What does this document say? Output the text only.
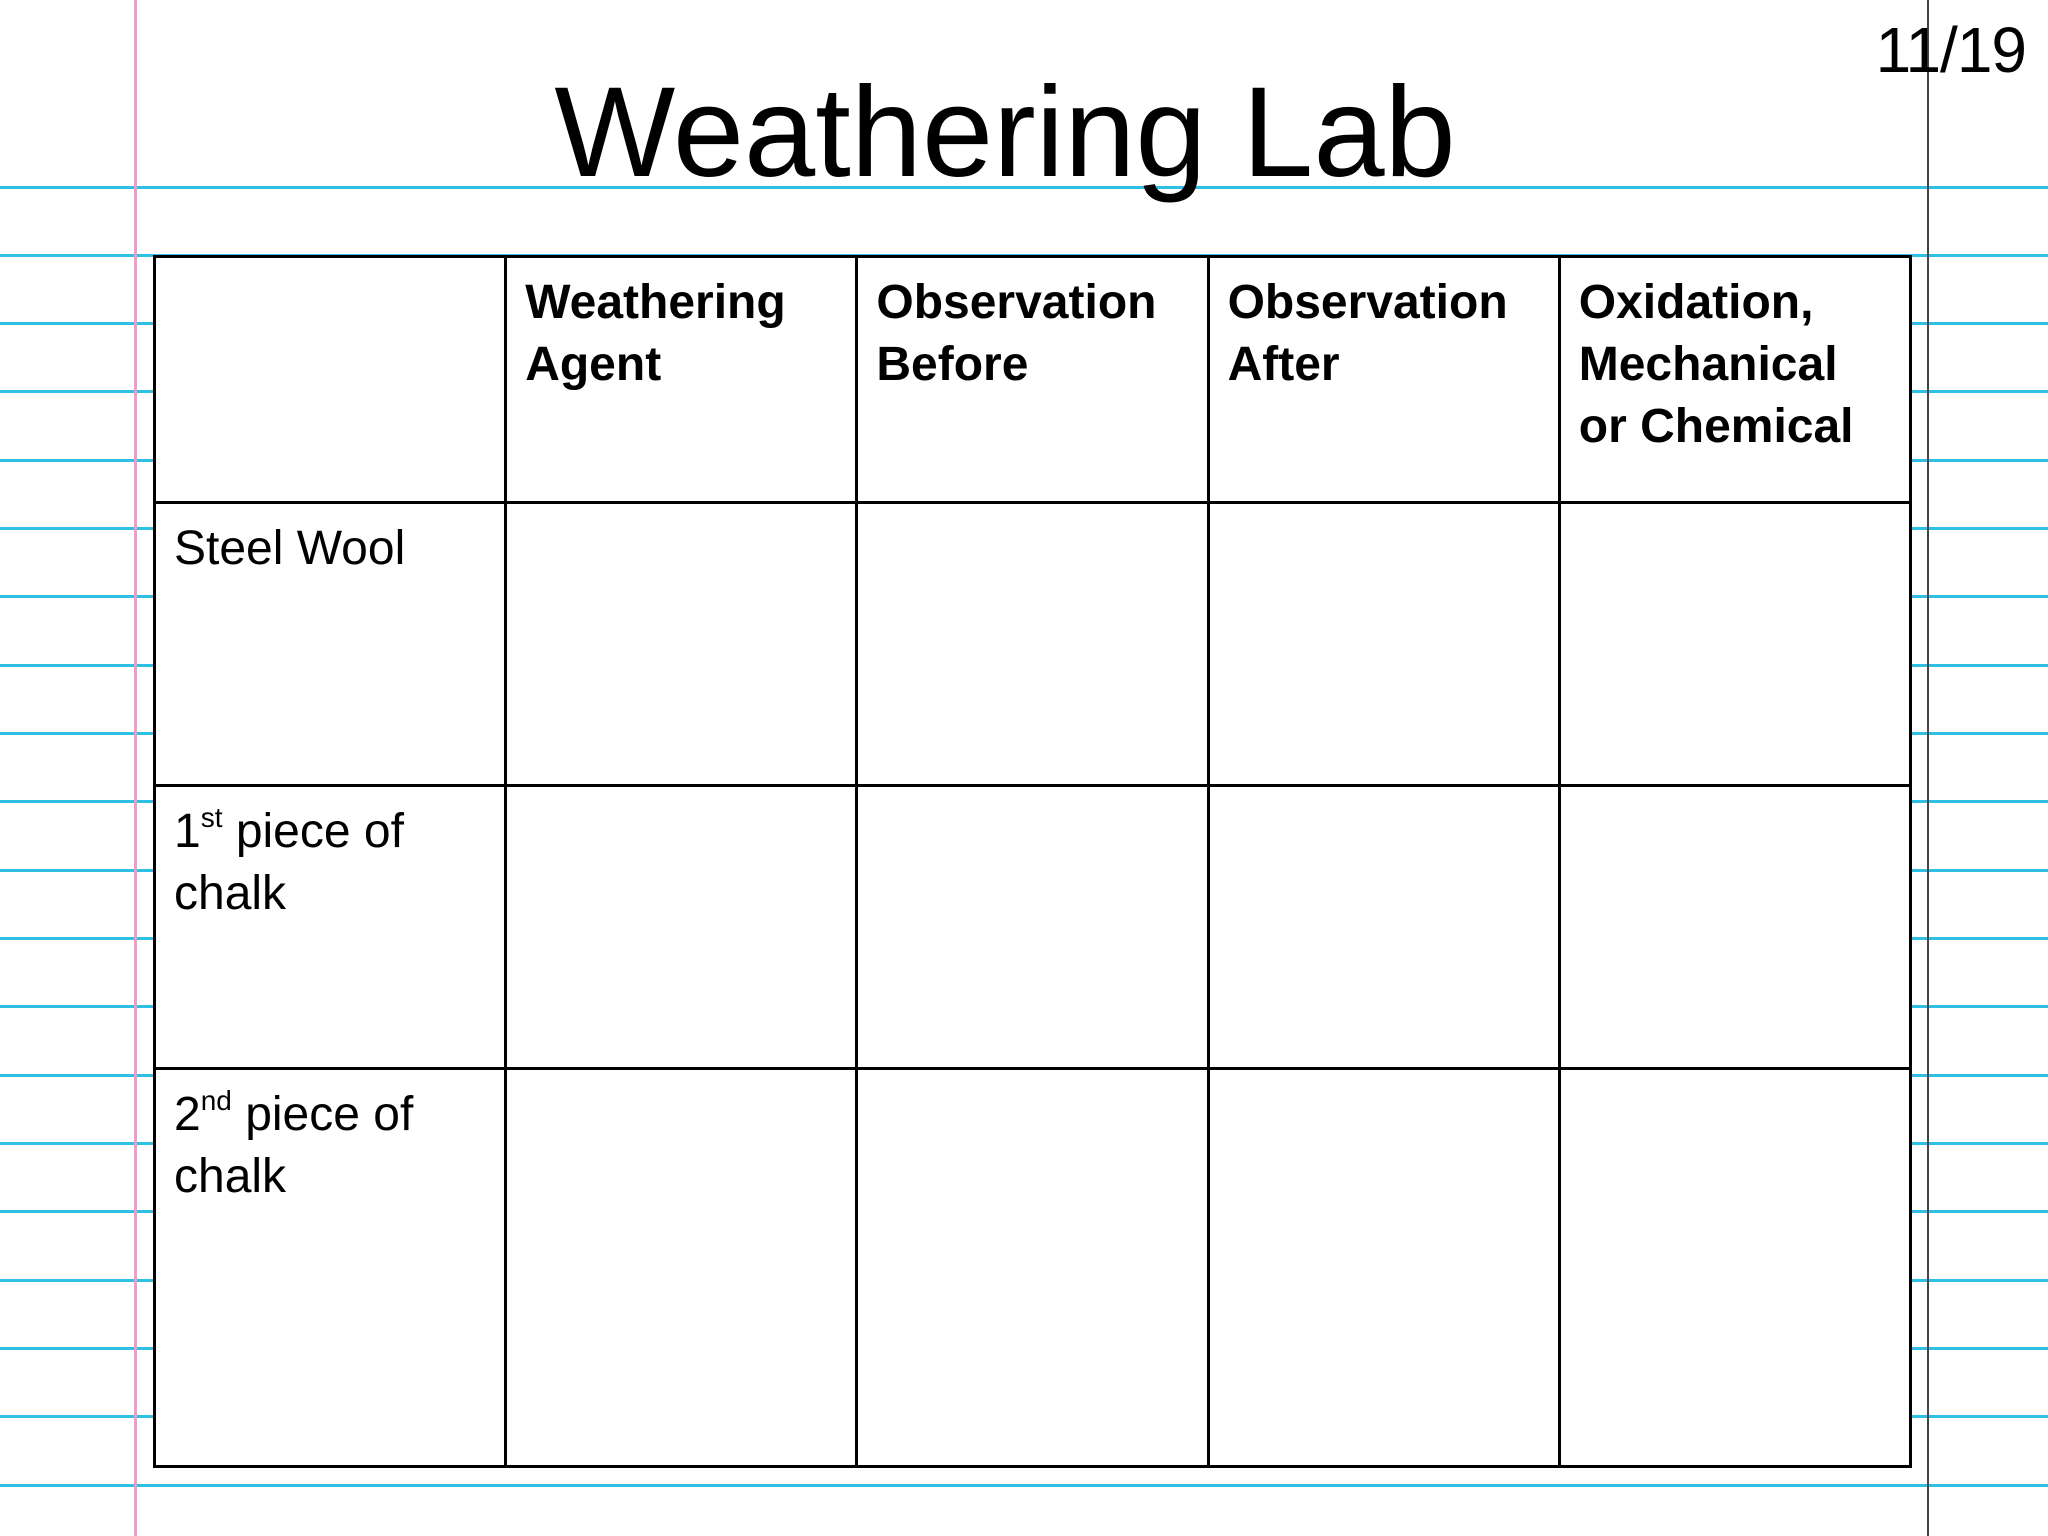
11/19
Weathering Lab
	Weathering Agent	Observation Before	Observation After	Oxidation, Mechanical or Chemical
Steel Wool				
1st piece of chalk				
2nd piece of chalk				
